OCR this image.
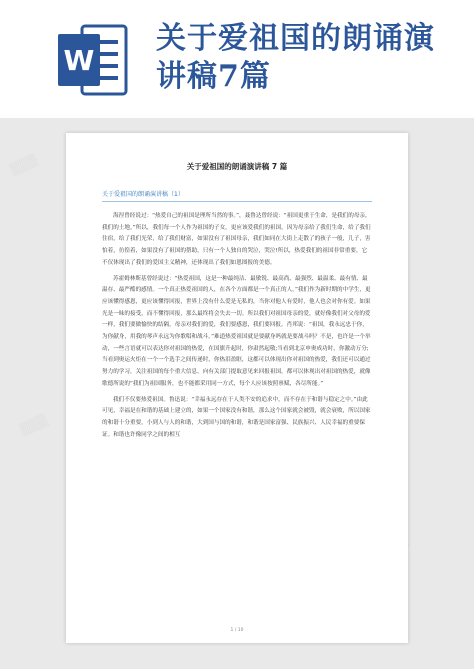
W
关于爱祖国的朗诵演讲稿7篇
关于爱祖国的朗诵演讲稿 7 篇
关于爱祖国的朗诵演讲稿（1）

海涅曾经说过：“热爱自己的祖国是理所当然的事。”，聂鲁达曾经说：“祖国更重于生命，是我们的母亲，我们的土地。”所以，我们每一个人作为祖国的子女，更应该爱我们的祖国，因为母亲给了我们生命，给了我们住宿，给了我们光荣，给了我们财富，如果没有了祖国母亲，我们如同在大街上走散了的孩子一般，儿子，害怕着，彷徨着，如果没有了祖国的帮助，只有一个人独自的哭泣，哭泣!所以，热爱我们的祖国非常重要，它不仅体现出了我们的爱国主义精神，还体现出了我们如恩图报的美德。

苏霍姆林斯基曾经说过：“热爱祖国，这是一种最纯洁、最敏锐、最高尚、最强烈、最温柔、最有情、最温存、最严酷的感情。一个真正热爱祖国的人，在各个方面都是一个真正的人。”我们作为新时期的中学生，更应该懂得感恩，更应该懂得回报，世界上没有什么爱是无私的，当你对他人有爱时，他人也会对你有爱。如果光是一昧的接受，而不懂得回报，那么最终将会失去一切。所以我们对祖国母亲的爱，就好像我们对父母的爱一样，我们要做愉快的结隔，母亲对我们的爱，我们要感恩，我们要回报。肖邦说：“祖国，我永远忠于你，为你献身，用我的琴声永远为你歌唱和战斗。”难道热爱祖国就是要献身吗就是要战斗吗？不是，也许是一个举动，一些言语就可以表达你对祖国的热爱，在国旗升起时，你肃然起敬;当看到北京申奥成功时，你激动万分;当看到奥运火炬在一个一个选手之间传递时，你热泪盈眶，这都可以体现出你对祖国的热爱，我们还可以通过努力的学习，关注祖国的每个重大信息，向有关部门提取意见来回报祖国，都可以体现出对祖国的热爱，就像歌德所说的“我们为祖国服务，也不能都采用同一方式，每个人应该按照禀赋，各尽所能。”

我们不仅要热爱祖国。鲁迅说：“幸福永远存在于人类不安的追求中，而不存在于和谐与稳定之中。”由此可见，幸福是在和谐的基础上建立的，如果一个国家没有和谐，那么这个国家就会被毁，就会衰败，所以国家的和谐十分重要，小到人与人的和谐，大到国与国的和谐，和谐是国家富强、民族振兴、人民幸福的重要保证。和谐也许像同学之间的相互

1 / 10
